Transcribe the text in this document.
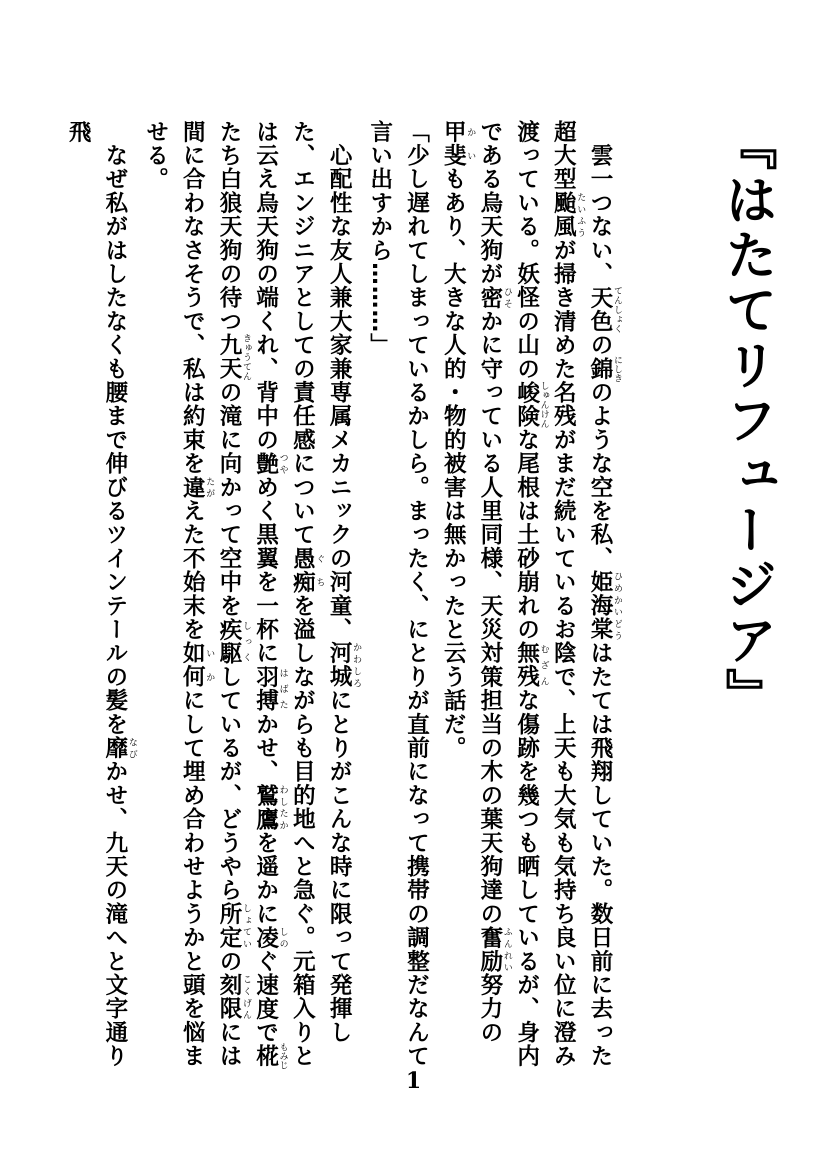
『はたてリフュージア』

　雲一つない、天色 てんしょくの錦 にしきのような空を私、姫海棠 ひめかいどうはたては飛翔していた。数日前に去った超大型颱風 たいふうが掃き清めた名残がまだ続いているお陰で、上天も大気も気持ち良い位に澄み渡っている。妖怪の山の峻険 しゅんけんな尾根は土砂崩れの無残 むざんな傷跡を幾つも晒しているが、身内である烏天狗が密 ひそかに守っている人里同様、天災対策担当の木の葉天狗達の奮励 ふんれい努力の甲斐 かいもあり、大きな人的・物的被害は無かったと云う話だ。

「少し遅れてしまっているかしら。まったく、にとりが直前になって携帯の調整だなんて言い出すから………」

　心配性な友人兼大家兼専属メカニックの河童、河城 かわしろにとりがこんな時に限って発揮した、エンジニアとしての責任感について愚痴 ぐちを溢しながらも目的地へと急ぐ。元箱入りとは云え烏天狗の端くれ、背中の艶 つやめく黒翼を一杯に羽搏 はばたかせ、鷲鷹 わしたかを遥かに凌 しのぐ速度で椛 もみじたち白狼天狗の待つ九天 きゅうてんの滝に向かって空中を疾駆 しっくしているが、どうやら所定 しょていの刻限 こくげんには間に合わなさそうで、私は約束を違 たがえた不始末を如何 いかにして埋め合わせようかと頭を悩ませる。

　なぜ私がはしたなくも腰まで伸びるツインテールの髪を靡 なびかせ、九天の滝へと文字通り飛

1
